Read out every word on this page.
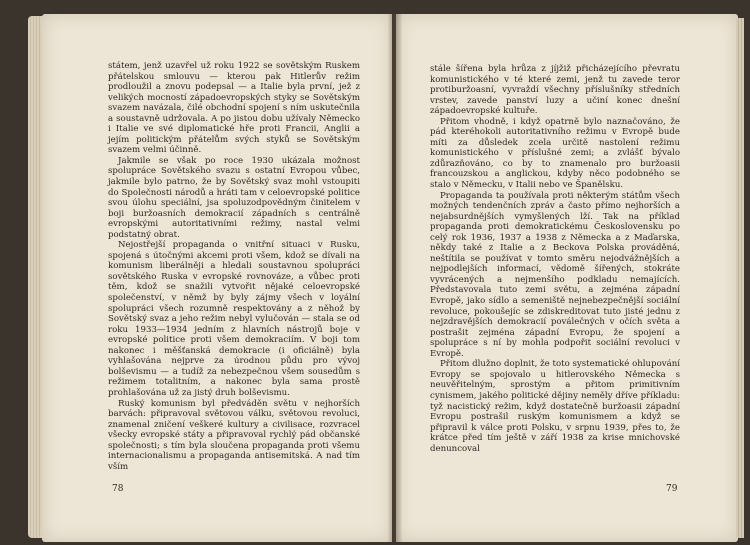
státem, jenž uzavřel už roku 1922 se sovětským Ruskem přátelskou smlouvu — kterou pak Hitlerův režim prodloužil a znovu podepsal — a Italie byla první, jež z velikých mocností západoevropských styky se Sovětským svazem navázala, čilé obchodní spojení s ním uskutečnila a soustavně udržovala. A po jistou dobu užívaly Německo i Italie ve své diplomatické hře proti Francii, Anglii a jejím politickým přátelům svých styků se Sovětským svazem velmi účinně.

Jakmile se však po roce 1930 ukázala možnost spolupráce Sovětského svazu s ostatní Evropou vůbec, jakmile bylo patrno, že by Sovětský svaz mohl vstoupiti do Společnosti národů a hráti tam v celoevropské politice svou úlohu speciální, jsa spoluzodpovědným činitelem v boji buržoasních demokracií západních s centrálně evropskými autoritativními režimy, nastal velmi podstatný obrat.

Nejostřejší propaganda o vnitřní situaci v Rusku, spojená s útočnými akcemi proti všem, kdož se dívali na komunism liberálněji a hledali soustavnou spolupráci sovětského Ruska v evropské rovnováze, a vůbec proti těm, kdož se snažili vytvořit nějaké celoevropské společenství, v němž by byly zájmy všech v loyální spolupráci všech rozumně respektovány a z něhož by Sovětský svaz a jeho režim nebyl vylučován — stala se od roku 1933—1934 jedním z hlavních nástrojů boje v evropské politice proti všem demokraciím. V boji tom nakonec i měšťanská demokracie (i oficiálně) byla vyhlašována nejprve za úrodnou půdu pro vývoj bolševismu — a tudíž za nebezpečnou všem sousedům s režimem totalitním, a nakonec byla sama prostě prohlašována už za jistý druh bolševismu.

Ruský komunism byl předváděn světu v nejhorších barvách: připravoval světovou válku, světovou revoluci, znamenal zničení veškeré kultury a civilisace, rozvracel všecky evropské státy a připravoval rychlý pád občanské společnosti; s tím byla sloučena propaganda proti všemu internacionalismu a propaganda antisemitská. A nad tím vším

78

stále šířena byla hrůza z jíjžiž přicházejícího převratu komunistického v té které zemi, jenž tu zavede teror protiburžoasní, vyvraždí všechny příslušníky středních vrstev, zavede panství luzy a učiní konec dnešní západoevropské kultuře.

Přitom vhodně, i když opatrně bylo naznačováno, že pád kteréhokoli autoritativního režimu v Evropě bude míti za důsledek zcela určitě nastolení režimu komunistického v příslušné zemi; a zvlášť bývalo zdůrazňováno, co by to znamenalo pro buržoasii francouzskou a anglickou, kdyby něco podobného se stalo v Německu, v Italii nebo ve Španělsku.

Propaganda ta používala proti některým státům všech možných tendenčních zpráv a často přímo nejhorších a nejabsurdnějších vymyšlených lží. Tak na příklad propaganda proti demokratickému Československu po celý rok 1936, 1937 a 1938 z Německa a z Maďarska, někdy také z Italie a z Beckova Polska prováděná, neštítila se používat v tomto směru nejodvážnějších a nejpodlejších informací, vědomě šířených, stokráte vyvrácených a nejmenšího podkladu nemajících. Představovala tuto zemi světu, a zejména západní Evropě, jako sídlo a semeniště nejnebezpečnější sociální revoluce, pokoušejíc se zdiskreditovat tuto jisté jednu z nejzdravějších demokracií poválečných v očích světa a postrašit zejména západní Evropu, že spojení a spolupráce s ní by mohla podpořit sociální revoluci v Evropě.

Přitom dlužno doplnit, že toto systematické ohlupování Evropy se spojovalo u hitlerovského Německa s neuvěřitelným, sprostým a přitom primitivním cynismem, jakého politické dějiny neměly dříve příkladu: tyž nacistický režim, když dostatečně buržoasii západní Evropu postrašil ruským komunismem a když se připravil k válce proti Polsku, v srpnu 1939, přes to, že krátce před tím ještě v září 1938 za krise mnichovské denuncoval

79
